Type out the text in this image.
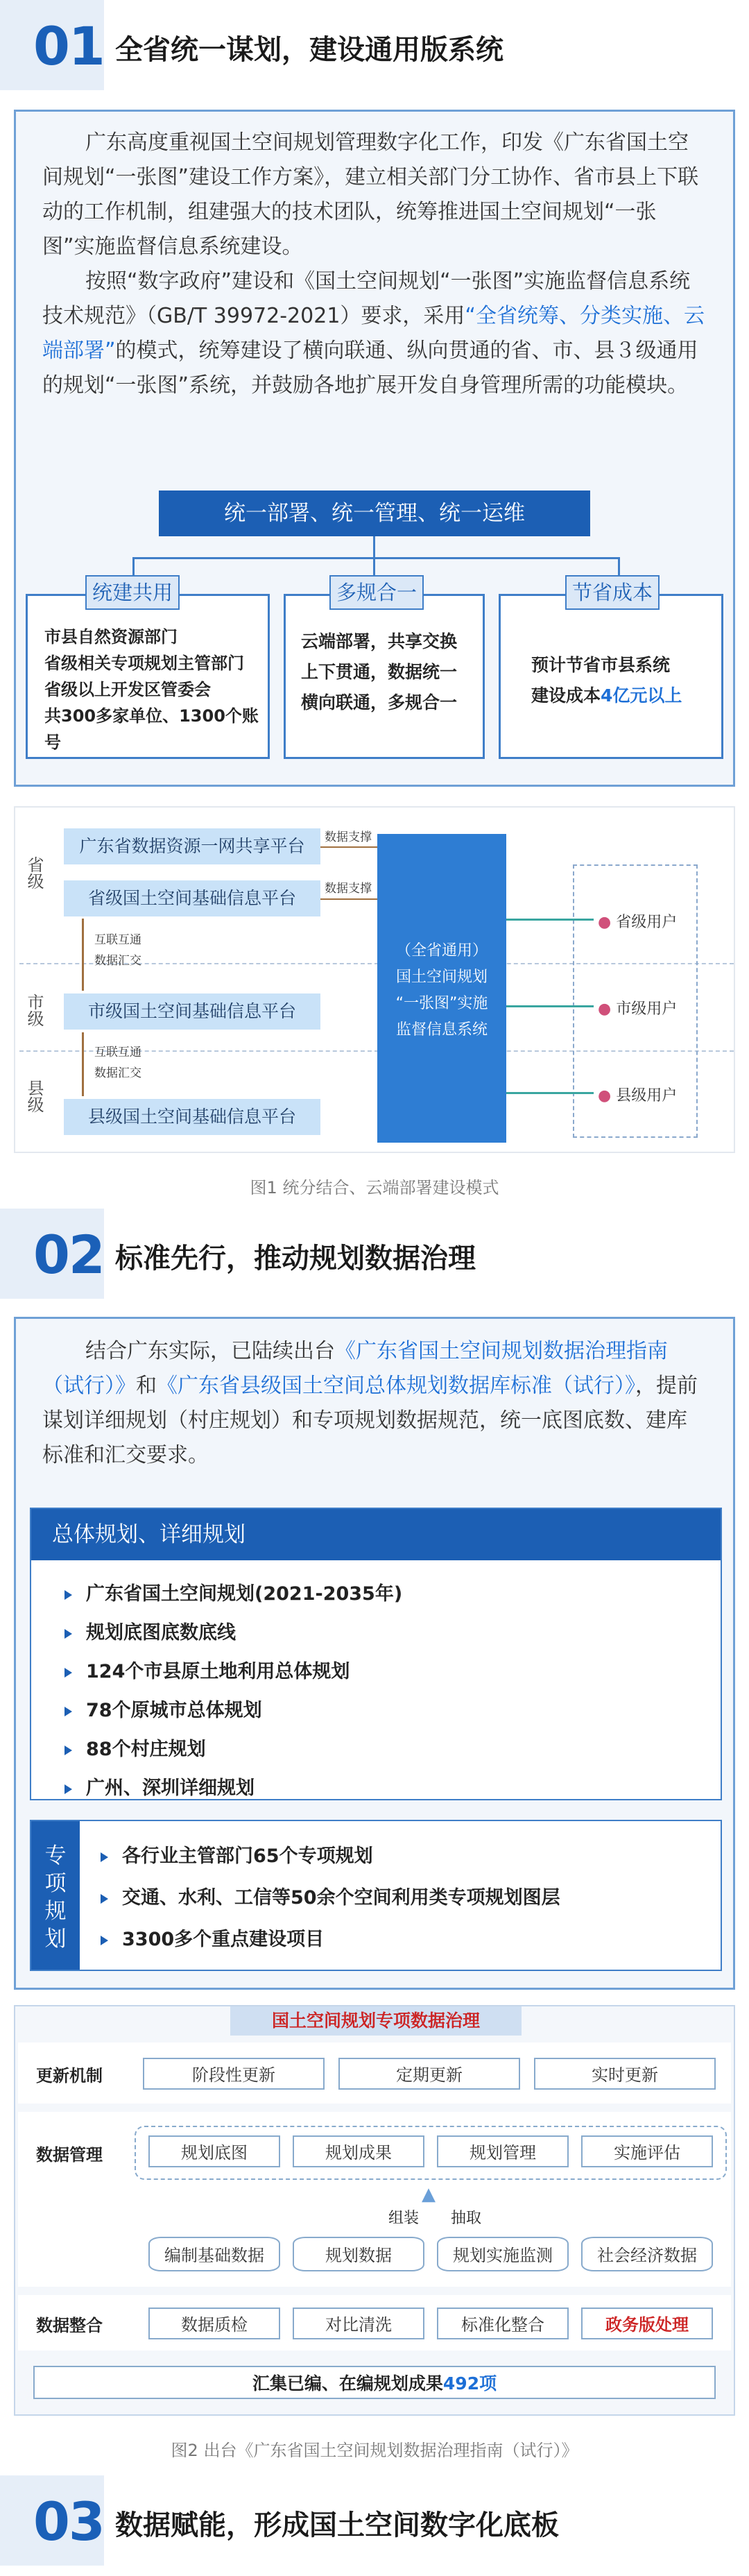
01 全省统一谋划，建设通用版系统

广东高度重视国土空间规划管理数字化工作，印发《广东省国土空间规划“一张图”建设工作方案》，建立相关部门分工协作、省市县上下联动的工作机制，组建强大的技术团队，统筹推进国土空间规划“一张图”实施监督信息系统建设。

按照“数字政府”建设和《国土空间规划“一张图”实施监督信息系统技术规范》（GB/T 39972-2021）要求，采用“全省统筹、分类实施、云端部署”的模式，统筹建设了横向联通、纵向贯通的省、市、县３级通用的规划“一张图”系统，并鼓励各地扩展开发自身管理所需的功能模块。

统一部署、统一管理、统一运维
市县自然资源部门
省级相关专项规划主管部门
省级以上开发区管委会
共300多家单位、1300个账号
统建共用
云端部署，共享交换
上下贯通，数据统一
横向联通，多规合一
多规合一
预计节省市县系统
建设成本4亿元以上
节省成本
省级
市级
县级
广东省数据资源一网共享平台
省级国土空间基础信息平台
市级国土空间基础信息平台
县级国土空间基础信息平台
互联互通
数据汇交
互联互通
数据汇交
数据支撑
数据支撑
（全省通用）
国土空间规划
“一张图”实施
监督信息系统
● 省级用户
● 市级用户
● 县级用户
图1 统分结合、云端部署建设模式
02 标准先行，推动规划数据治理

结合广东实际，已陆续出台《广东省国土空间规划数据治理指南（试行）》和《广东省县级国土空间总体规划数据库标准（试行）》，提前谋划详细规划（村庄规划）和专项规划数据规范，统一底图底数、建库标准和汇交要求。

总体规划、详细规划
广东省国土空间规划(2021-2035年)
规划底图底数底线
124个市县原土地利用总体规划
78个原城市总体规划
88个村庄规划
广州、深圳详细规划
专
项
规
划
各行业主管部门65个专项规划
交通、水利、工信等50余个空间利用类专项规划图层
3300多个重点建设项目
国土空间规划专项数据治理
更新机制	阶段性更新	定期更新	实时更新
数据管理	规划底图	规划成果	规划管理	实施评估
▲
组装 抽取
编制基础数据	规划数据	规划实施监测	社会经济数据
数据整合	数据质检	对比清洗	标准化整合	政务版处理
汇集已编、在编规划成果492项
图2 出台《广东省国土空间规划数据治理指南（试行）》
03 数据赋能，形成国土空间数字化底板
